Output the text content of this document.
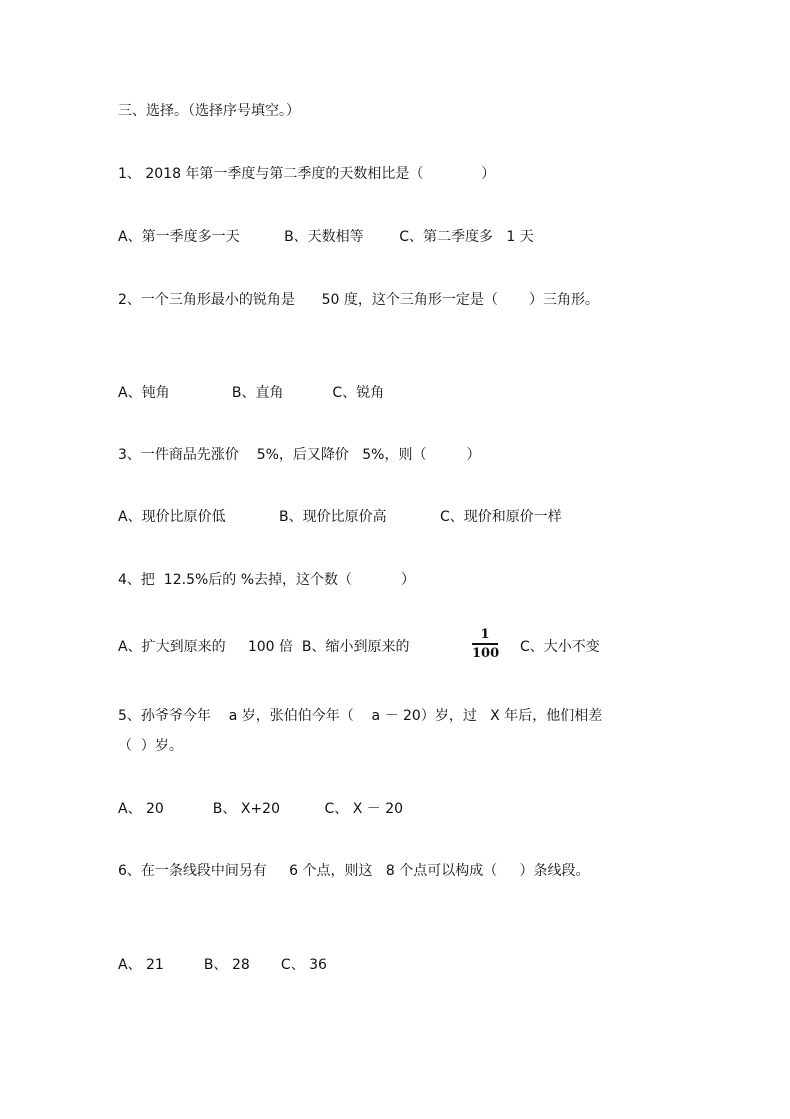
三、选择。（选择序号填空。）
1、 2018 年第一季度与第二季度的天数相比是（             ）
A、第一季度多一天          B、天数相等        C、第二季度多   1 天
2、一个三角形最小的锐角是      50 度，这个三角形一定是（       ）三角形。
A、钝角              B、直角           C、锐角
3、一件商品先涨价    5%，后又降价   5%，则（         ）
A、现价比原价低            B、现价比原价高            C、现价和原价一样
4、把  12.5%后的 %去掉，这个数（           ）
A、扩大到原来的     100 倍  B、缩小到原来的
1
100 C、大小不变
5、孙爷爷今年    a 岁，张伯伯今年（    a － 20）岁，过   X 年后，他们相差
（  ）岁。
A、 20           B、 X+20          C、 X － 20
6、在一条线段中间另有     6 个点，则这   8 个点可以构成（     ）条线段。
A、 21         B、 28       C、 36
